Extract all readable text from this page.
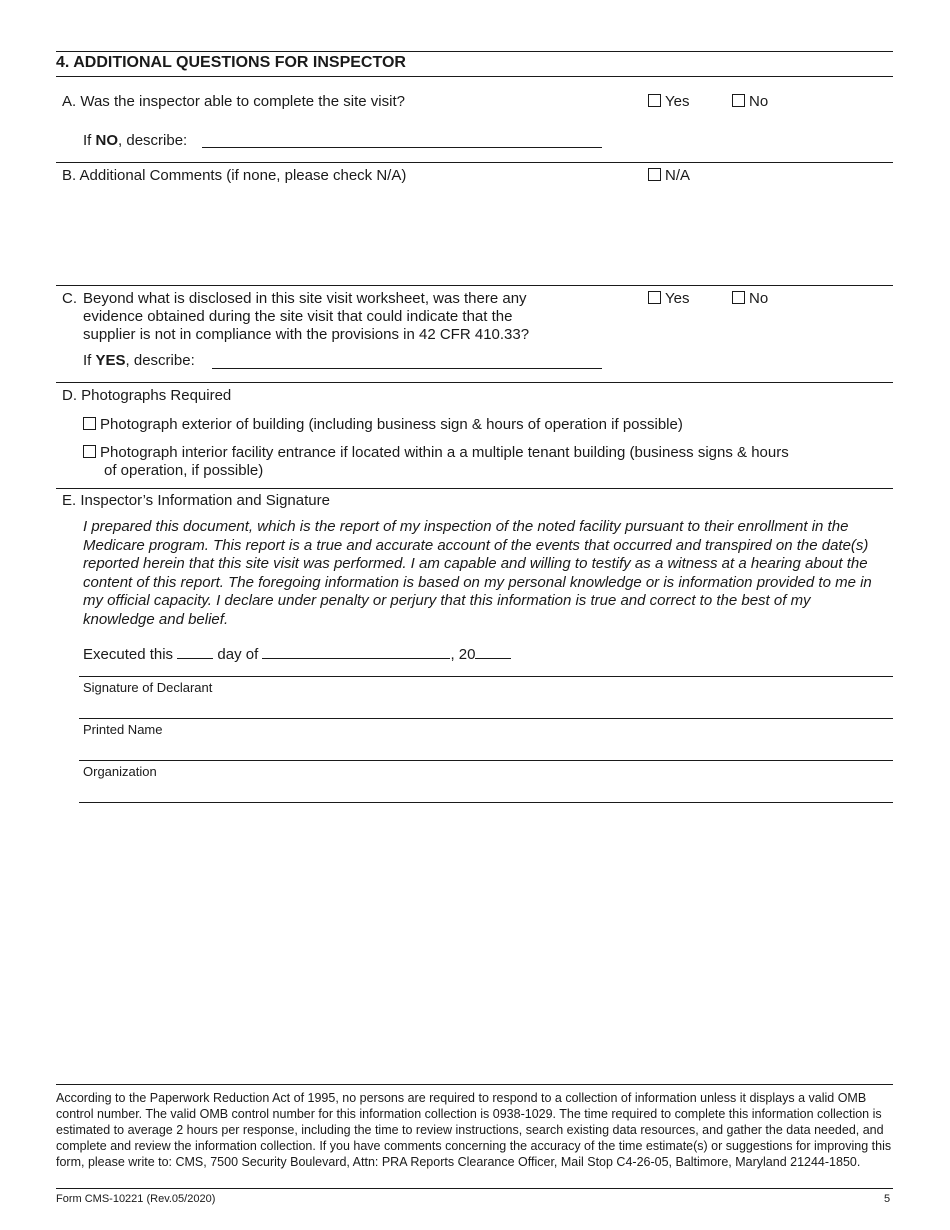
4. ADDITIONAL QUESTIONS FOR INSPECTOR
A. Was the inspector able to complete the site visit?	Yes	No
If NO, describe:
B. Additional Comments (if none, please check N/A)	N/A
C. Beyond what is disclosed in this site visit worksheet, was there any
evidence obtained during the site visit that could indicate that the
supplier is not in compliance with the provisions in 42 CFR 410.33?
Yes	No
If YES, describe:
D. Photographs Required
Photograph exterior of building (including business sign & hours of operation if possible)
Photograph interior facility entrance if located within a a multiple tenant building (business signs & hours
of operation, if possible)
E. Inspector’s Information and Signature
I prepared this document, which is the report of my inspection of the noted facility pursuant to their enrollment in the Medicare program. This report is a true and accurate account of the events that occurred and transpired on the date(s) reported herein that this site visit was performed. I am capable and willing to testify as a witness at a hearing about the content of this report. The foregoing information is based on my personal knowledge or is information provided to me in my official capacity. I declare under penalty or perjury that this information is true and correct to the best of my knowledge and belief.
Executed this	day of	, 20
Signature of Declarant
Printed Name
Organization
According to the Paperwork Reduction Act of 1995, no persons are required to respond to a collection of information unless it displays a valid OMB control number. The valid OMB control number for this information collection is 0938-1029. The time required to complete this information collection is estimated to average 2 hours per response, including the time to review instructions, search existing data resources, and gather the data needed, and complete and review the information collection. If you have comments concerning the accuracy of the time estimate(s) or suggestions for improving this form, please write to: CMS, 7500 Security Boulevard, Attn: PRA Reports Clearance Officer, Mail Stop C4-26-05, Baltimore, Maryland 21244-1850.
Form CMS-10221 (Rev.05/2020)	5
